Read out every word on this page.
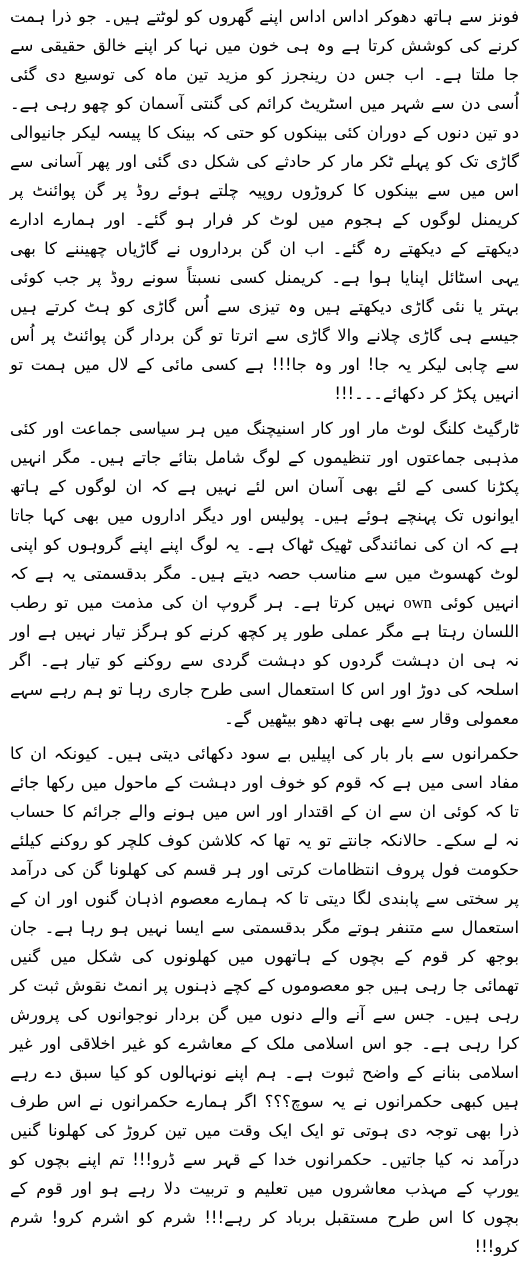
فونز سے ہاتھ دھوکر اداس اداس اپنے گھروں کو لوٹتے ہیں۔ جو ذرا ہمت کرنے کی کوشش کرتا ہے وہ ہی خون میں نہا کر اپنے خالق حقیقی سے جا ملتا ہے۔ اب جس دن رینجرز کو مزید تین ماہ کی توسیع دی گئی اُسی دن سے شہر میں اسٹریٹ کرائم کی گنتی آسمان کو چھو رہی ہے۔ دو تین دنوں کے دوران کئی بینکوں کو حتی کہ بینک کا پیسہ لیکر جانیوالی گاڑی تک کو پہلے ٹکر مار کر حادثے کی شکل دی گئی اور پھر آسانی سے اس میں سے بینکوں کا کروڑوں روپیہ چلتے ہوئے روڈ پر گن پوائنٹ پر کریمنل لوگوں کے ہجوم میں لوٹ کر فرار ہو گئے۔ اور ہمارے ادارے دیکھتے کے دیکھتے رہ گئے۔ اب ان گن برداروں نے گاڑیاں چھیننے کا بھی یہی اسٹائل اپنایا ہوا ہے۔ کریمنل کسی نسبتاً سونے روڈ پر جب کوئی بہتر یا نئی گاڑی دیکھتے ہیں وہ تیزی سے اُس گاڑی کو ہٹ کرتے ہیں جیسے ہی گاڑی چلانے والا گاڑی سے اترتا تو گن بردار گن پوائنٹ پر اُس سے چابی لیکر یہ جا! اور وہ جا!!! ہے کسی مائی کے لال میں ہمت تو انہیں پکڑ کر دکھائے۔۔۔!!!

ٹارگیٹ کلنگ لوٹ مار اور کار اسنیچنگ میں ہر سیاسی جماعت اور کئی مذہبی جماعتوں اور تنظیموں کے لوگ شامل بتائے جاتے ہیں۔ مگر انہیں پکڑنا کسی کے لئے بھی آسان اس لئے نہیں ہے کہ ان لوگوں کے ہاتھ ایوانوں تک پہنچے ہوئے ہیں۔ پولیس اور دیگر اداروں میں بھی کہا جاتا ہے کہ ان کی نمائندگی ٹھیک ٹھاک ہے۔ یہ لوگ اپنے اپنے گروہوں کو اپنی لوٹ کھسوٹ میں سے مناسب حصہ دیتے ہیں۔ مگر بدقسمتی یہ ہے کہ انہیں کوئی own نہیں کرتا ہے۔ ہر گروپ ان کی مذمت میں تو رطب اللسان رہتا ہے مگر عملی طور پر کچھ کرنے کو ہرگز تیار نہیں ہے اور نہ ہی ان دہشت گردوں کو دہشت گردی سے روکنے کو تیار ہے۔ اگر اسلحہ کی دوڑ اور اس کا استعمال اسی طرح جاری رہا تو ہم رہے سہے معمولی وقار سے بھی ہاتھ دھو بیٹھیں گے۔

حکمرانوں سے بار بار کی اپیلیں بے سود دکھائی دیتی ہیں۔ کیونکہ ان کا مفاد اسی میں ہے کہ قوم کو خوف اور دہشت کے ماحول میں رکھا جائے تا کہ کوئی ان سے ان کے اقتدار اور اس میں ہونے والے جرائم کا حساب نہ لے سکے۔ حالانکہ جانتے تو یہ تھا کہ کلاشن کوف کلچر کو روکنے کیلئے حکومت فول پروف انتظامات کرتی اور ہر قسم کی کھلونا گن کی درآمد پر سختی سے پابندی لگا دیتی تا کہ ہمارے معصوم اذہان گنوں اور ان کے استعمال سے متنفر ہوتے مگر بدقسمتی سے ایسا نہیں ہو رہا ہے۔ جان بوجھ کر قوم کے بچوں کے ہاتھوں میں کھلونوں کی شکل میں گنیں تھمائی جا رہی ہیں جو معصوموں کے کچے ذہنوں پر انمٹ نقوش ثبت کر رہی ہیں۔ جس سے آنے والے دنوں میں گن بردار نوجوانوں کی پرورش کرا رہی ہے۔ جو اس اسلامی ملک کے معاشرے کو غیر اخلاقی اور غیر اسلامی بنانے کے واضح ثبوت ہے۔ ہم اپنے نونہالوں کو کیا سبق دے رہے ہیں کبھی حکمرانوں نے یہ سوچ؟؟؟ اگر ہمارے حکمرانوں نے اس طرف ذرا بھی توجہ دی ہوتی تو ایک ایک وقت میں تین کروڑ کی کھلونا گنیں درآمد نہ کیا جاتیں۔ حکمرانوں خدا کے قہر سے ڈرو!!! تم اپنے بچوں کو یورپ کے مہذب معاشروں میں تعلیم و تربیت دلا رہے ہو اور قوم کے بچوں کا اس طرح مستقبل برباد کر رہے!!! شرم کو اشرم کرو! شرم کرو!!!
